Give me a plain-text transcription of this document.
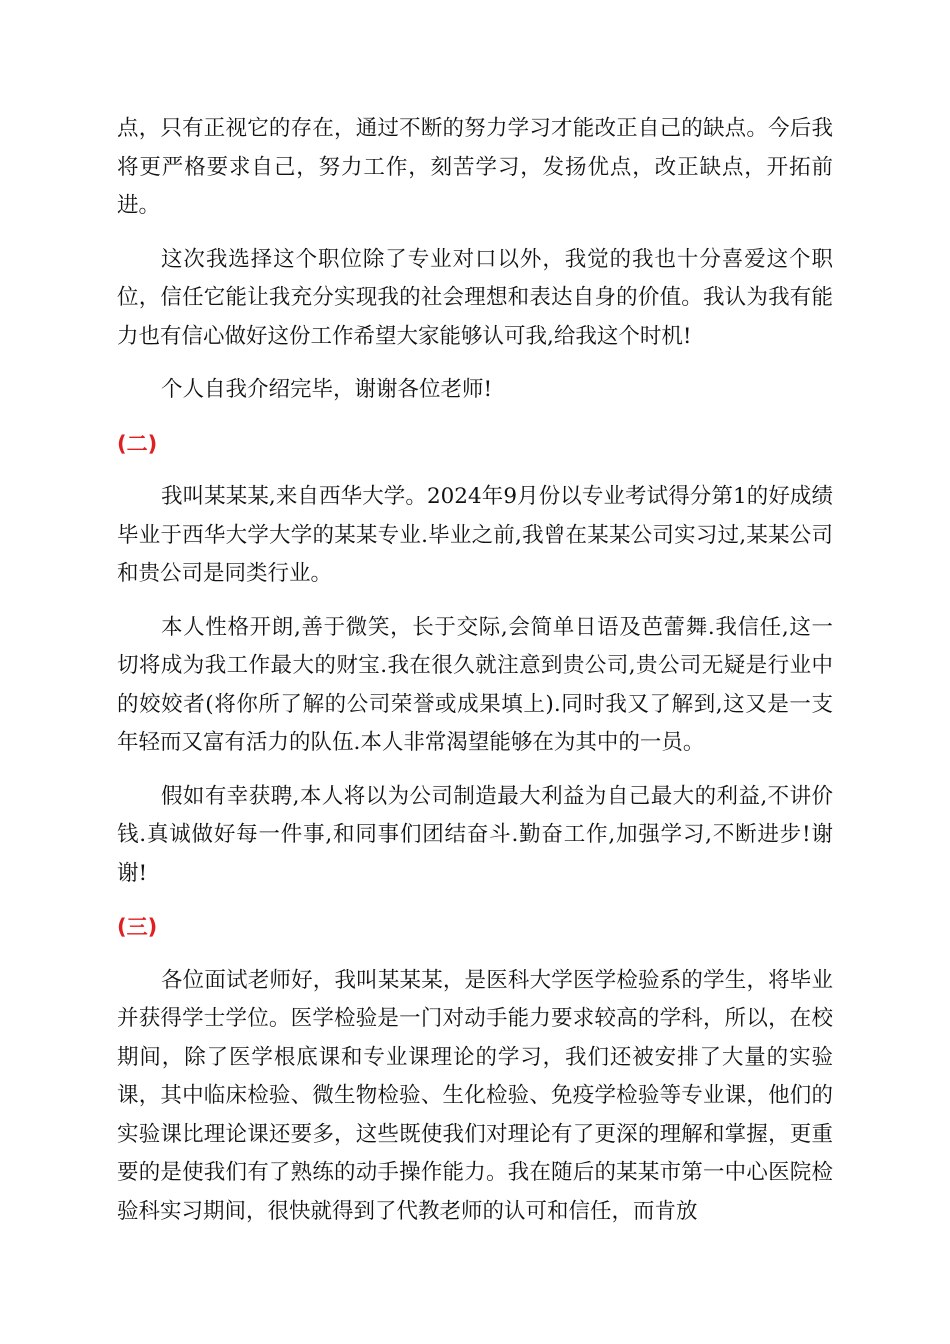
点，只有正视它的存在，通过不断的努力学习才能改正自己的缺点。今后我将更严格要求自己，努力工作，刻苦学习，发扬优点，改正缺点，开拓前进。

这次我选择这个职位除了专业对口以外，我觉的我也十分喜爱这个职位，信任它能让我充分实现我的社会理想和表达自身的价值。我认为我有能力也有信心做好这份工作希望大家能够认可我,给我这个时机!

个人自我介绍完毕，谢谢各位老师!

(二)

我叫某某某,来自西华大学。2024年9月份以专业考试得分第1的好成绩毕业于西华大学大学的某某专业.毕业之前,我曾在某某公司实习过,某某公司和贵公司是同类行业。

本人性格开朗,善于微笑，长于交际,会简单日语及芭蕾舞.我信任,这一切将成为我工作最大的财宝.我在很久就注意到贵公司,贵公司无疑是行业中的姣姣者(将你所了解的公司荣誉或成果填上).同时我又了解到,这又是一支年轻而又富有活力的队伍.本人非常渴望能够在为其中的一员。

假如有幸获聘,本人将以为公司制造最大利益为自己最大的利益,不讲价钱.真诚做好每一件事,和同事们团结奋斗.勤奋工作,加强学习,不断进步!谢谢!

(三)

各位面试老师好，我叫某某某，是医科大学医学检验系的学生，将毕业并获得学士学位。医学检验是一门对动手能力要求较高的学科，所以，在校期间，除了医学根底课和专业课理论的学习，我们还被安排了大量的实验课，其中临床检验、微生物检验、生化检验、免疫学检验等专业课，他们的实验课比理论课还要多，这些既使我们对理论有了更深的理解和掌握，更重要的是使我们有了熟练的动手操作能力。我在随后的某某市第一中心医院检验科实习期间，很快就得到了代教老师的认可和信任，而肯放
